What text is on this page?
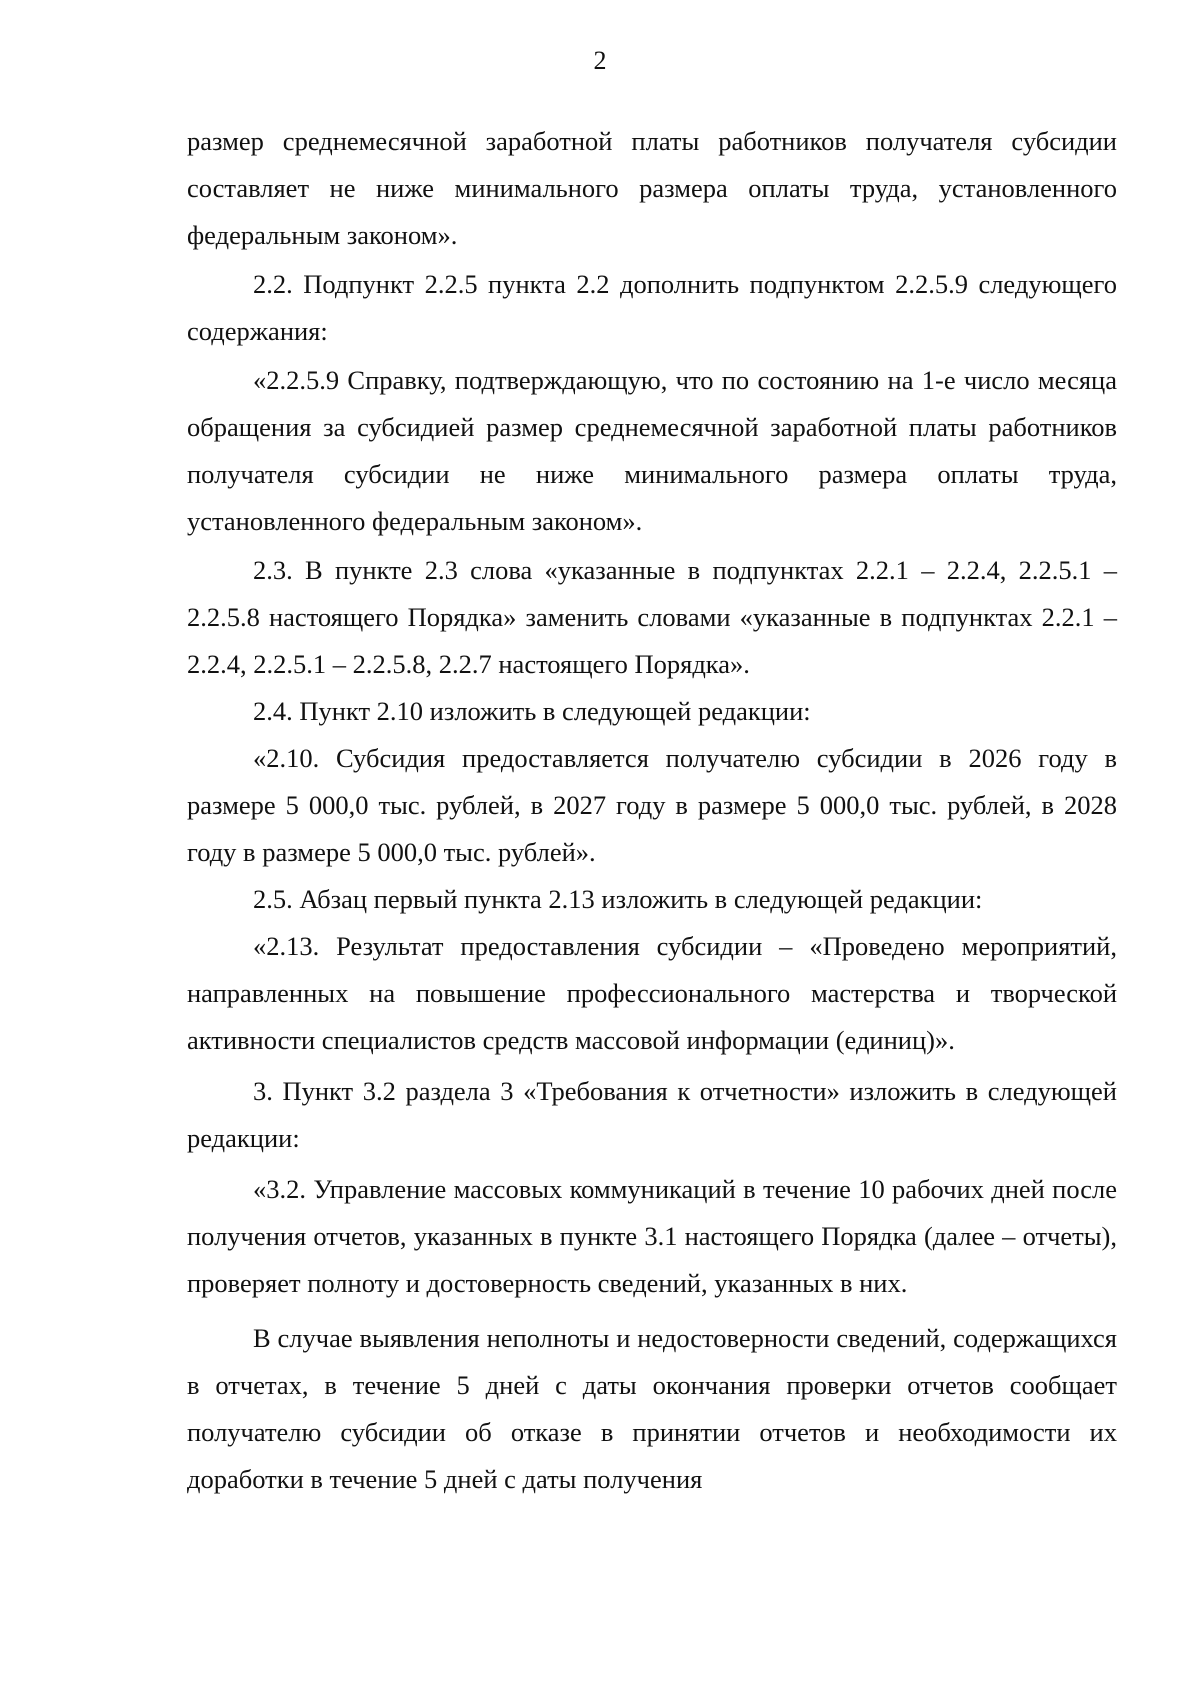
2

размер среднемесячной заработной платы работников получателя субсидии составляет не ниже минимального размера оплаты труда, установленного федеральным законом».

2.2. Подпункт 2.2.5 пункта 2.2 дополнить подпунктом 2.2.5.9 следующего содержания:

«2.2.5.9 Справку, подтверждающую, что по состоянию на 1-е число месяца обращения за субсидией размер среднемесячной заработной платы работников получателя субсидии не ниже минимального размера оплаты труда, установленного федеральным законом».

2.3. В пункте 2.3 слова «указанные в подпунктах 2.2.1 – 2.2.4, 2.2.5.1 – 2.2.5.8 настоящего Порядка» заменить словами «указанные в подпунктах 2.2.1 – 2.2.4, 2.2.5.1 – 2.2.5.8, 2.2.7 настоящего Порядка».

2.4. Пункт 2.10 изложить в следующей редакции:

«2.10. Субсидия предоставляется получателю субсидии в 2026 году в размере 5 000,0 тыс. рублей, в 2027 году в размере 5 000,0 тыс. рублей, в 2028 году в размере 5 000,0 тыс. рублей».

2.5. Абзац первый пункта 2.13 изложить в следующей редакции:

«2.13. Результат предоставления субсидии – «Проведено мероприятий, направленных на повышение профессионального мастерства и творческой активности специалистов средств массовой информации (единиц)».

3. Пункт 3.2 раздела 3 «Требования к отчетности» изложить в следующей редакции:

«3.2. Управление массовых коммуникаций в течение 10 рабочих дней после получения отчетов, указанных в пункте 3.1 настоящего Порядка (далее – отчеты), проверяет полноту и достоверность сведений, указанных в них.

В случае выявления неполноты и недостоверности сведений, содержащихся в отчетах, в течение 5 дней с даты окончания проверки отчетов сообщает получателю субсидии об отказе в принятии отчетов и необходимости их доработки в течение 5 дней с даты получения
